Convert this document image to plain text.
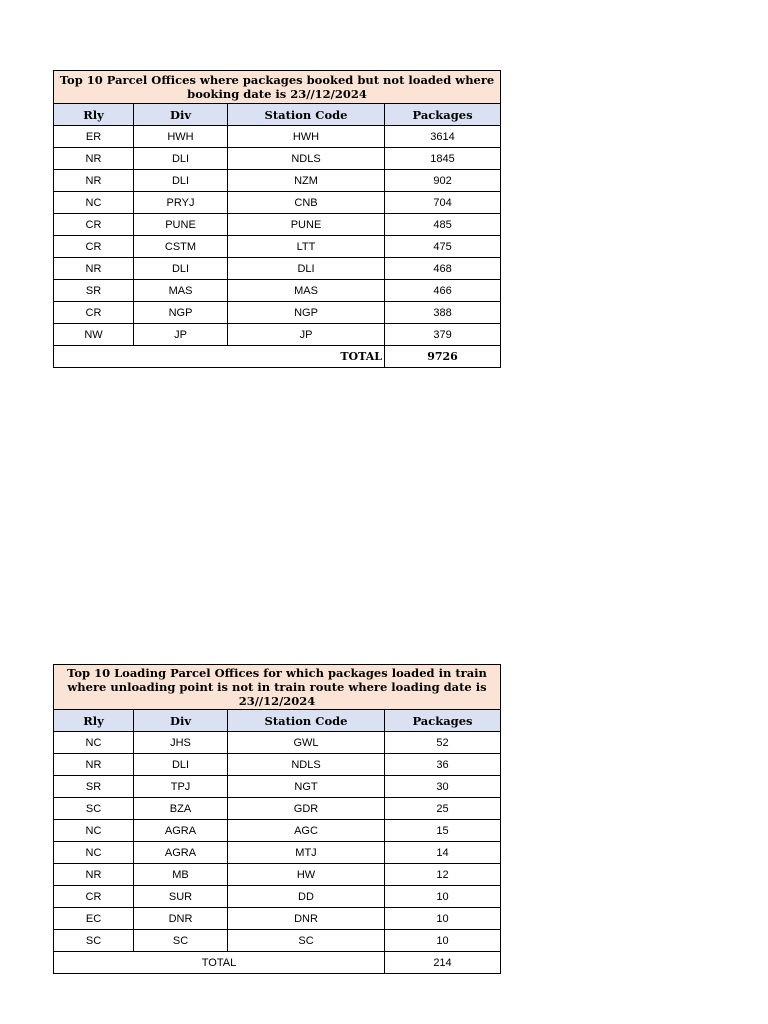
Top 10 Parcel Offices where packages booked but not loaded where booking date is 23//12/2024			
Rly	Div	Station Code	Packages
ER	HWH	HWH	3614
NR	DLI	NDLS	1845
NR	DLI	NZM	902
NC	PRYJ	CNB	704
CR	PUNE	PUNE	485
CR	CSTM	LTT	475
NR	DLI	DLI	468
SR	MAS	MAS	466
CR	NGP	NGP	388
NW	JP	JP	379
TOTAL			9726
Top 10 Loading Parcel Offices for which packages loaded in train where unloading point is not in train route where loading date is 23//12/2024			
Rly	Div	Station Code	Packages
NC	JHS	GWL	52
NR	DLI	NDLS	36
SR	TPJ	NGT	30
SC	BZA	GDR	25
NC	AGRA	AGC	15
NC	AGRA	MTJ	14
NR	MB	HW	12
CR	SUR	DD	10
EC	DNR	DNR	10
SC	SC	SC	10
TOTAL			214
